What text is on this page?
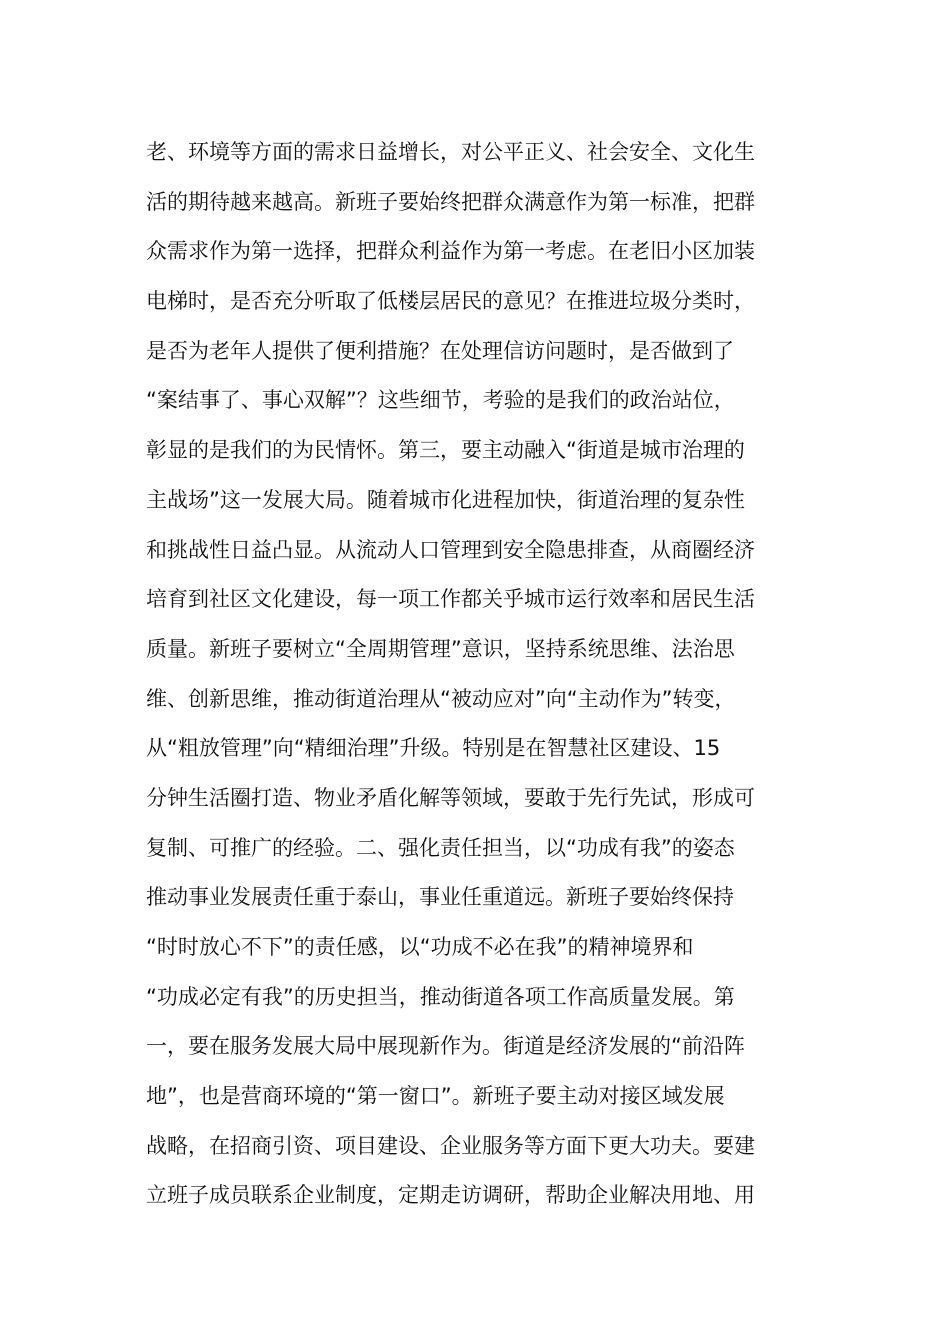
老、环境等方面的需求日益增长，对公平正义、社会安全、文化生
活的期待越来越高。新班子要始终把群众满意作为第一标准，把群
众需求作为第一选择，把群众利益作为第一考虑。在老旧小区加装
电梯时，是否充分听取了低楼层居民的意见？在推进垃圾分类时，
是否为老年人提供了便利措施？在处理信访问题时，是否做到了
“案结事了、事心双解”？这些细节，考验的是我们的政治站位，
彰显的是我们的为民情怀。第三，要主动融入“街道是城市治理的
主战场”这一发展大局。随着城市化进程加快，街道治理的复杂性
和挑战性日益凸显。从流动人口管理到安全隐患排查，从商圈经济
培育到社区文化建设，每一项工作都关乎城市运行效率和居民生活
质量。新班子要树立“全周期管理”意识，坚持系统思维、法治思
维、创新思维，推动街道治理从“被动应对”向“主动作为”转变，
从“粗放管理”向“精细治理”升级。特别是在智慧社区建设、15
分钟生活圈打造、物业矛盾化解等领域，要敢于先行先试，形成可
复制、可推广的经验。二、强化责任担当，以“功成有我”的姿态
推动事业发展责任重于泰山，事业任重道远。新班子要始终保持
“时时放心不下”的责任感，以“功成不必在我”的精神境界和
“功成必定有我”的历史担当，推动街道各项工作高质量发展。第
一，要在服务发展大局中展现新作为。街道是经济发展的“前沿阵
地”，也是营商环境的“第一窗口”。新班子要主动对接区域发展
战略，在招商引资、项目建设、企业服务等方面下更大功夫。要建
立班子成员联系企业制度，定期走访调研，帮助企业解决用地、用
